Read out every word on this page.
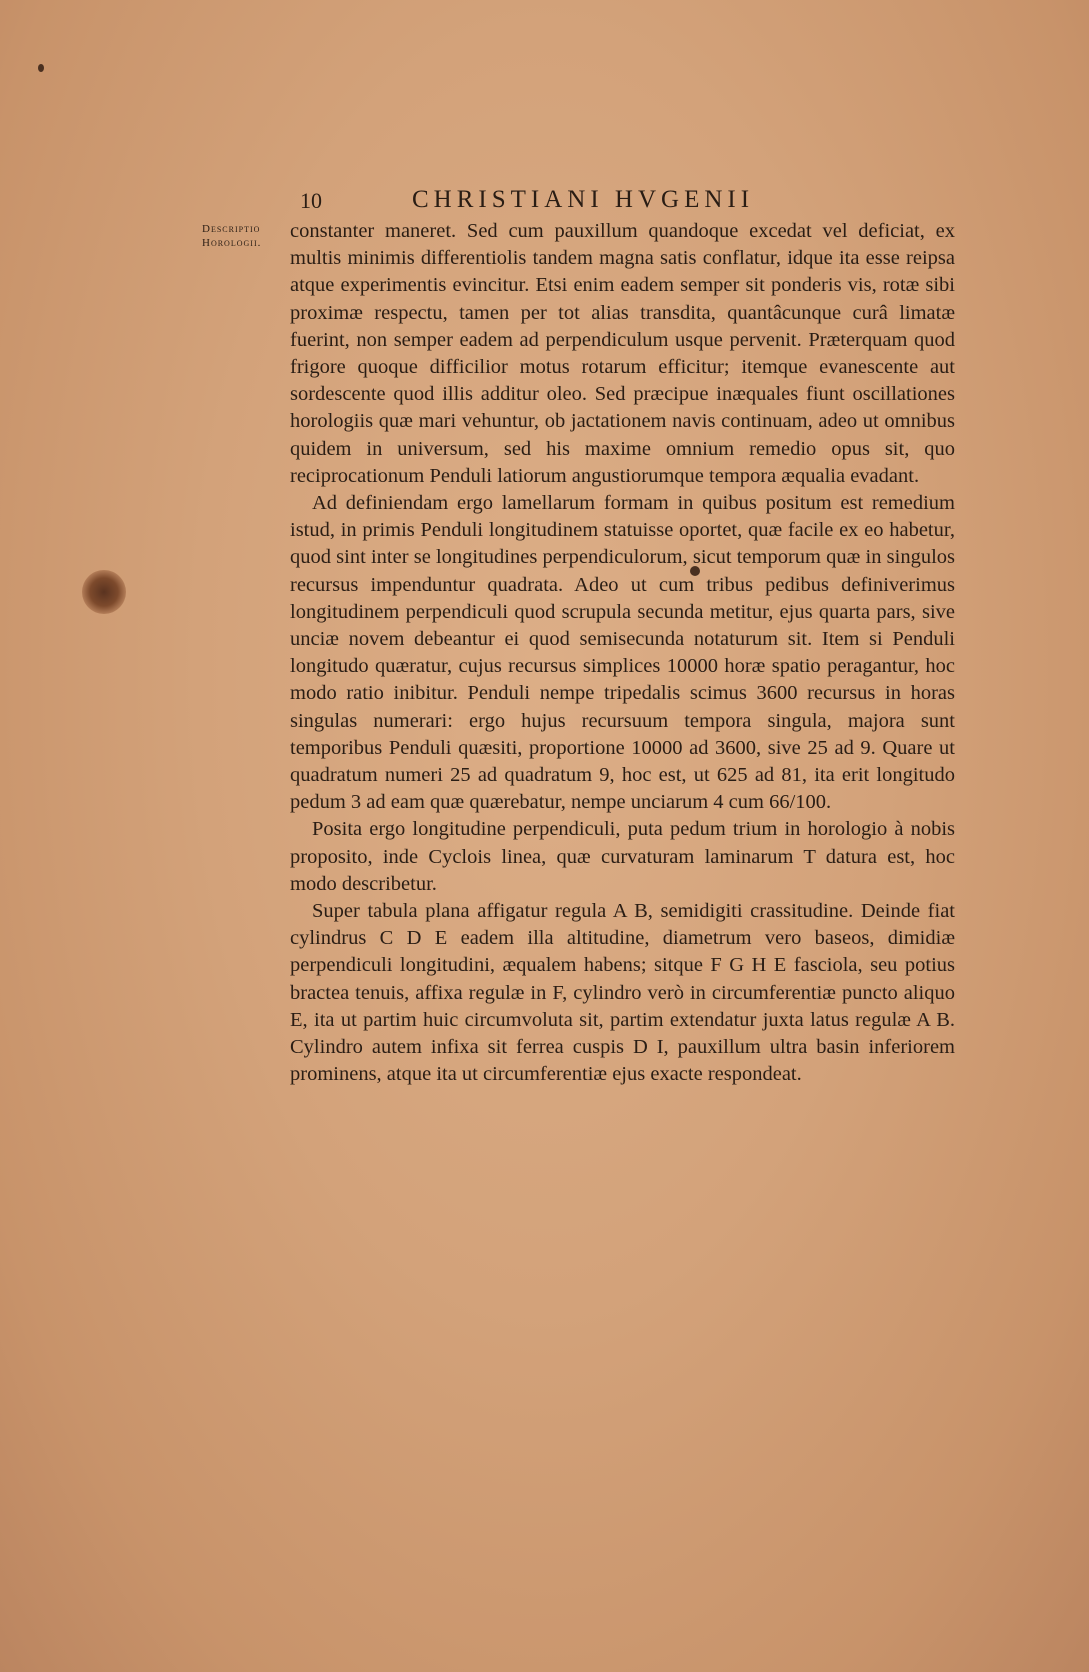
10	CHRISTIANI HVGENII
Descriptio Horologii.

constanter maneret. Sed cum pauxillum quandoque excedat vel deficiat, ex multis minimis differentiolis tandem magna satis conflatur, idque ita esse reipsa atque experimentis evincitur. Etsi enim eadem semper sit ponderis vis, rotæ sibi proximæ respectu, tamen per tot alias transdita, quantâcunque curâ limatæ fuerint, non semper eadem ad perpendiculum usque pervenit. Præterquam quod frigore quoque difficilior motus rotarum efficitur; itemque evanescente aut sordescente quod illis additur oleo. Sed præcipue inæquales fiunt oscillationes horologiis quæ mari vehuntur, ob jactationem navis continuam, adeo ut omnibus quidem in universum, sed his maxime omnium remedio opus sit, quo reciprocationum Penduli latiorum angustiorumque tempora æqualia evadant.

Ad definiendam ergo lamellarum formam in quibus positum est remedium istud, in primis Penduli longitudinem statuisse oportet, quæ facile ex eo habetur, quod sint inter se longitudines perpendiculorum, sicut temporum quæ in singulos recursus impenduntur quadrata. Adeo ut cum tribus pedibus definiverimus longitudinem perpendiculi quod scrupula secunda metitur, ejus quarta pars, sive unciæ novem debeantur ei quod semisecunda notaturum sit. Item si Penduli longitudo quæratur, cujus recursus simplices 10000 horæ spatio peragantur, hoc modo ratio inibitur. Penduli nempe tripedalis scimus 3600 recursus in horas singulas numerari: ergo hujus recursuum tempora singula, majora sunt temporibus Penduli quæsiti, proportione 10000 ad 3600, sive 25 ad 9. Quare ut quadratum numeri 25 ad quadratum 9, hoc est, ut 625 ad 81, ita erit longitudo pedum 3 ad eam quæ quærebatur, nempe unciarum 4 cum 66/100.

Posita ergo longitudine perpendiculi, puta pedum trium in horologio à nobis proposito, inde Cyclois linea, quæ curvaturam laminarum T datura est, hoc modo describetur.

Super tabula plana affigatur regula A B, semidigiti crassitudine. Deinde fiat cylindrus C D E eadem illa altitudine, diametrum vero baseos, dimidiæ perpendiculi longitudini, æqualem habens; sitque F G H E fasciola, seu potius bractea tenuis, affixa regulæ in F, cylindro verò in circumferentiæ puncto aliquo E, ita ut partim huic circumvoluta sit, partim extendatur juxta latus regulæ A B. Cylindro autem infixa sit ferrea cuspis D I, pauxillum ultra basin inferiorem prominens, atque ita ut circumferentiæ ejus exacte respondeat.
